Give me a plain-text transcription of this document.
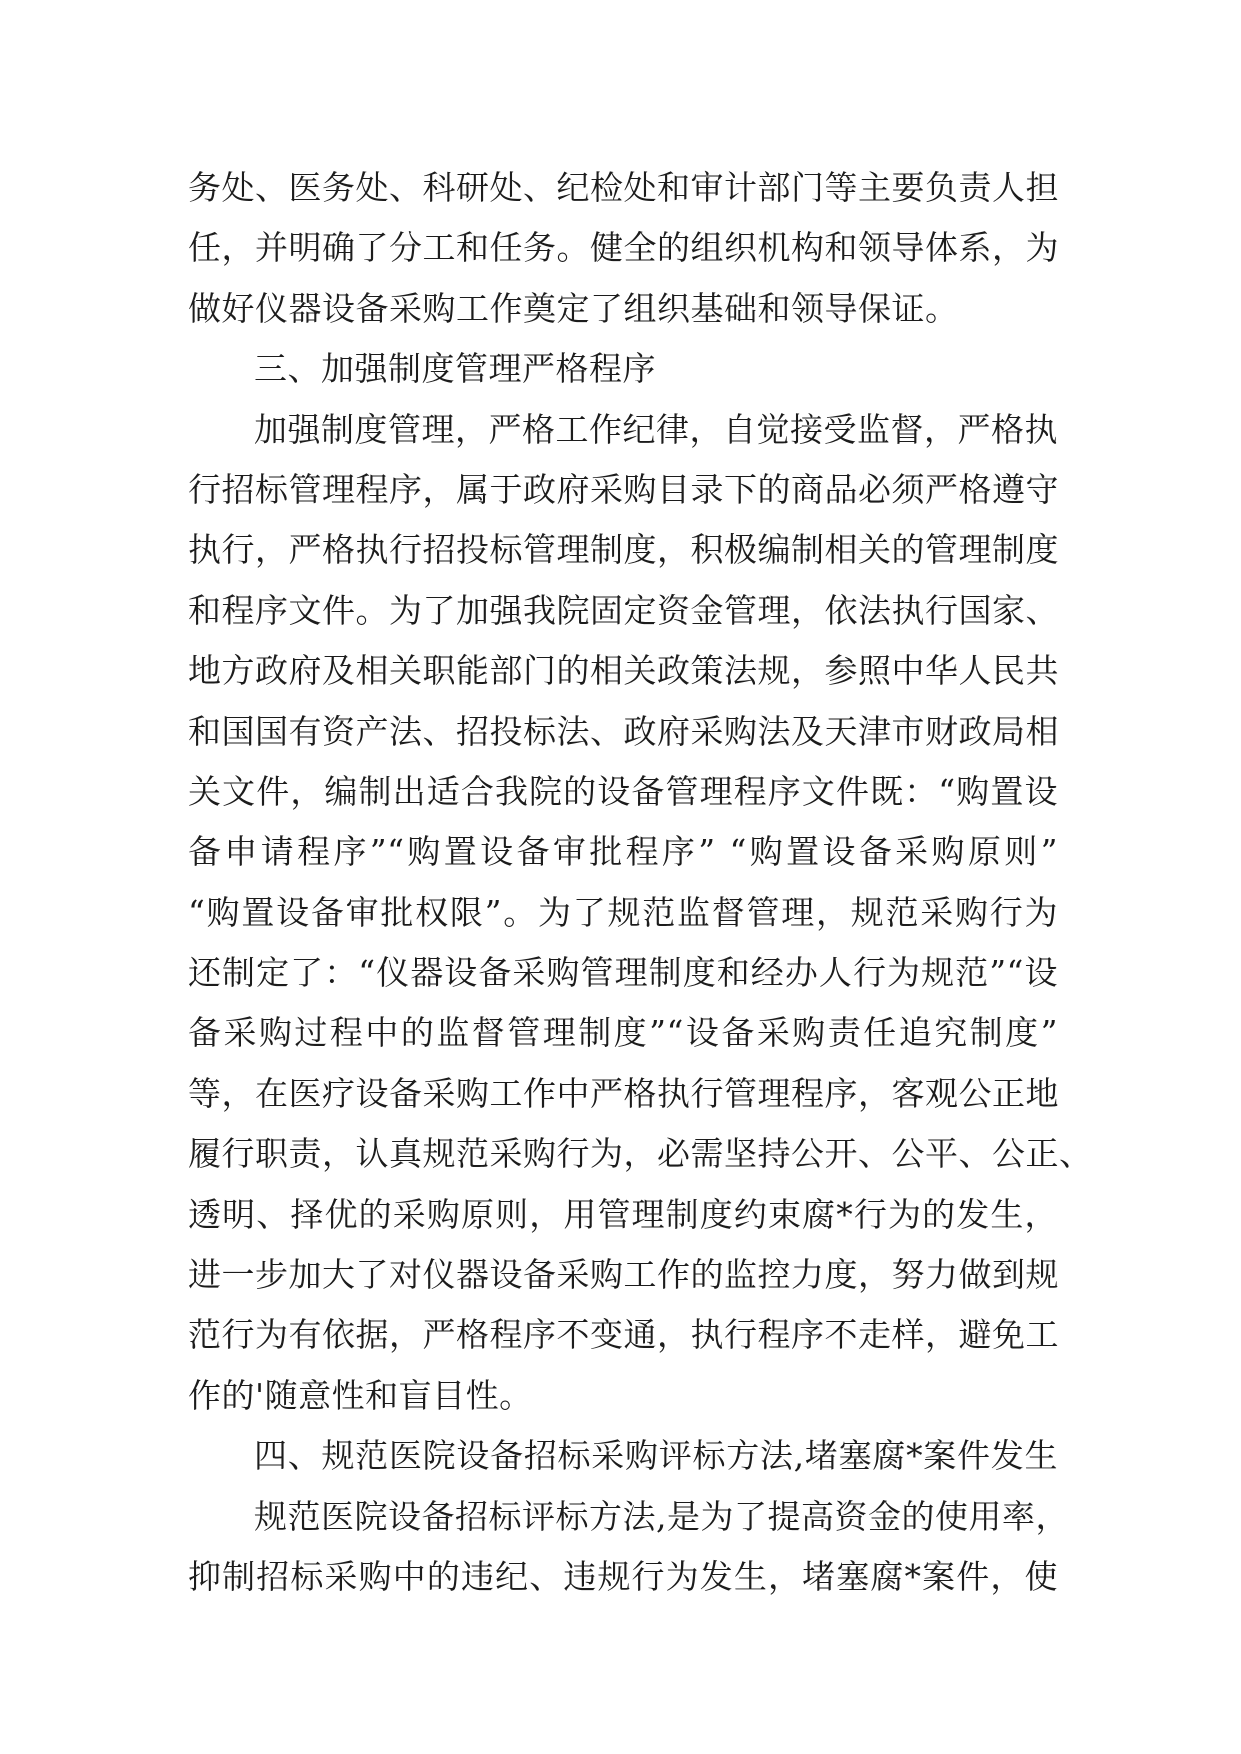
务处、医务处、科研处、纪检处和审计部门等主要负责人担
任，并明确了分工和任务。健全的组织机构和领导体系，为
做好仪器设备采购工作奠定了组织基础和领导保证。
三、加强制度管理严格程序
加强制度管理，严格工作纪律，自觉接受监督，严格执
行招标管理程序，属于政府采购目录下的商品必须严格遵守
执行，严格执行招投标管理制度，积极编制相关的管理制度
和程序文件。为了加强我院固定资金管理，依法执行国家、
地方政府及相关职能部门的相关政策法规，参照中华人民共
和国国有资产法、招投标法、政府采购法及天津市财政局相
关文件，编制出适合我院的设备管理程序文件既：“购置设
备申请程序”“购置设备审批程序” “购置设备采购原则”
“购置设备审批权限”。为了规范监督管理，规范采购行为
还制定了：“仪器设备采购管理制度和经办人行为规范”“设
备采购过程中的监督管理制度”“设备采购责任追究制度”
等，在医疗设备采购工作中严格执行管理程序，客观公正地
履行职责，认真规范采购行为，必需坚持公开、公平、公正、
透明、择优的采购原则，用管理制度约束腐*行为的发生，
进一步加大了对仪器设备采购工作的监控力度，努力做到规
范行为有依据，严格程序不变通，执行程序不走样，避免工
作的'随意性和盲目性。
四、规范医院设备招标采购评标方法,堵塞腐*案件发生
规范医院设备招标评标方法,是为了提高资金的使用率，
抑制招标采购中的违纪、违规行为发生，堵塞腐*案件，使
